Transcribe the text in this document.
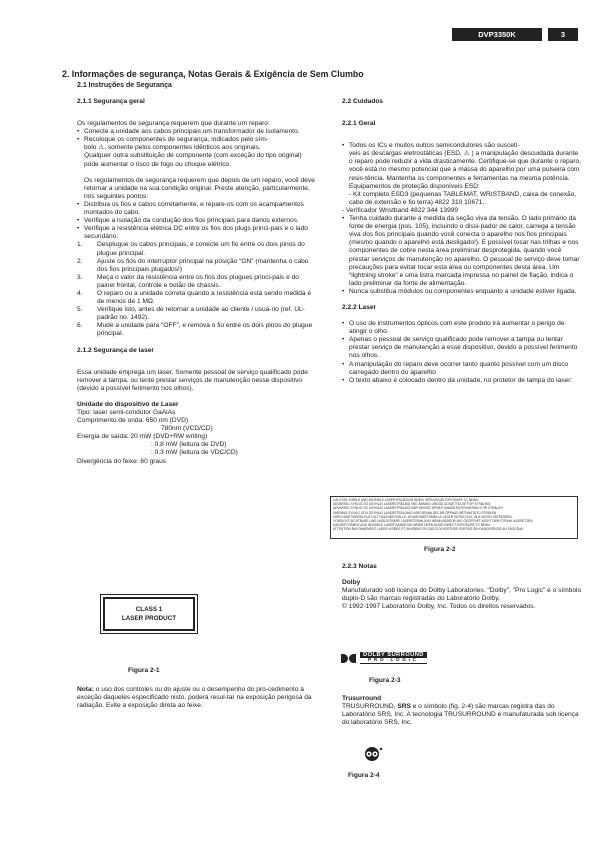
DVP3350K	3
2. Informações de segurança, Notas Gerais & Exigência de Sem Clumbo
2.1 Instruções de Segurança

2.1.1 Segurança geral

Os regulamentos de segurança requerem que durante um reparo:

• Conecte a unidade aos cabos principais um transformador de isolamento.

• Recoloque os componentes de segurança, indicados pelo sím-
bolo ⚠, somente pelos componentes idênticos aos originais.
Qualquer outra substituição de componente (com exceção do tipo original) pode aumentar o risco de fogo ou choque elétrico.

Os regulamentos de segurança requerem que depois de um reparo, você deve retornar a unidade na sua condição original. Preste atenção, particularmente, nos seguintes pontos:

• Distribua os fios e cabos corretamente, e repare-os com os acampamentos montados do cabo.

• Verifique a isolação da condução dos fios principais para danos externos.

• Verifique a resistência elétrica DC entre os fios dos plugs princi-pais e o lado secundário:

1. Desplugue os cabos principais, e conecte um fio entre os dois pinos do plugue principal.

2. Ajuste os fios do interruptor principal na posição “ON” (mantenha o cabo dos fios principais plugados!)

3. Meça o valor da resistência entre os fios dos plugues princi-pais e do painel frontal, controle e botão de chassis.

4. O reparo ou a unidade correta quando a resistência está sendo medida é de menos de 1 MΩ.

5. Verifique isto, antes de retornar a unidade ao cliente / usuá-rio (ref. UL- padrão no. 1492).

6. Mude a unidade para “OFF”, e remova o fio entre os dois pinos do plugue principal.

2.1.2 Segurança de laser

Essa unidade emprega um laser. Somente pessoal de serviço qualificado pode remover a tampa, ou tente prestar serviços de manutenção nesse dispositivo (devido a possível ferimento nos olhos).

Unidade do dispositivo de Laser

Tipo: laser semi-condutor GaAlAs

Comprimento de onda: 650 nm (DVD)

780nm (VCD/CD)

Energia de saída: 20 mW (DVD+RW writing)

: 0.8 mW (leitura de DVD)

: 0.3 mW (leitura de VDC/CD)

Divergência do feixe: 60 graus

CLASS 1
LASER PRODUCT
Figura 2-1

Nota: o uso dos controles ou do ajuste ou o desempenho do pro-cedimento à exceção daqueles especificado nisto, poderá resul-tar na exposição perigosa da radiação. Evite a exposição direta ao feixe.

2.2 Cuidados

2.2.1 Geral

• Todos os ICs e muitos outros semicondutores são suscetí-
veis as descargas eletrostáticas (ESD, ⚠ ) a manipulação descuidada durante o reparo pode reduzir a vida drasticamente. Certifique-se que durante o reparo, você está no mesmo potencial que a massa do aparelho por uma pulseira com resis-tência. Mantenha os componentes e ferramentas na mesma potência.
Equipamentos de proteção disponíveis ESD:

- Kit completo ESD3 (pequenas TABLEMAT, WRISTBAND, caixa de conexão, cabo de extensão e fio terra) 4822 310 10671.

- Verificador Wristband 4822 344 13999

• Tenha cuidado durante a medida da seção viva da tensão. O lado primário da fonte de energia (pos. 105), incluindo o dissi-pador de calor, carrega a tensão viva dos fios principais quando você conecta o aparelho nos fios principais (mesmo quando o aparelho está desligado!). E possível tocar nas trilhas e nos componentes de cobre nesta área preliminar desprotegida, quando você prestar serviços de manutenção no aparelho. O pessoal de serviço deve tomar precauções para evitar tocar esta área ou componentes desta área. Um “lightning stroke” e uma listra marcada impressa no painel de fiação, indica o lado preliminar da fonte de alimentação.

• Nunca substitua módulos ou componentes enquanto a unidade estiver ligada.

2.2.2 Laser

• O uso de instrumentos ópticos com este produto irá aumentar o perigo de atingir o olho.

• Apenas o pessoal de serviço qualificado pode remover a tampa ou tentar prestar serviço de manutenção a esse dispositivo, devido a possível ferimento nos olhos.

• A manipulação do reparo deve ocorrer tanto quanto possível com um disco carregado dentro do aparelho

• O texto abaixo é colocado dentro da unidade, no protetor de tampa do laser:

CAUTION VISIBLE AND INVISIBLE LASER RADIATION WHEN OPEN AVOID EXPOSURE TO BEAM
ADVARSEL SYNLIG OG USYNLIG LASERSTRÅLING VED ÅBNING UNDGÅ UDSÆTTELSE FOR STRÅLING
ADVARSEL SYNLIG OG USYNLIG LASERSTRÅLING NÅR DEKSEL ÅPNES UNNGÅ EKSPONERING FOR STRÅLEN
VARNING SYNLIG OCH OSYNLIG LASERSTRÅLNING NÄR DENNA DEL ÄR ÖPPNAD BETRAKTA EJ STRÅLEN
VARO! AVATTAESSA OLET ALTTIINA NÄKYVÄLLE JA NÄKYMÄTTÖMÄLLE LASER SÄTEILYLLE. ÄLÄ KATSO SÄTEESEEN
VORSICHT SICHTBARE UND UNSICHTBARE LASERSTRAHLUNG WENN ABDECKUNG GEÖFFNET NICHT DEM STRAHL AUSSETZEN
DANGER VISIBLE AND INVISIBLE LASER RADIATION WHEN OPEN AVOID DIRECT EXPOSURE TO BEAM
ATTENTION RAYONNEMENT LASER VISIBLE ET INVISIBLE EN CAS D'OUVERTURE EXPOSITION DANGEREUSE AU FAISCEAU
Figura 2-2

2.2.3 Notas

Dolby

Manufaturado sob licença do Dolby Laboratories. "Dolby", "Pro Logic" e o símbolo duplo-D são marcas registradas do Laboratório Dolby.

© 1992-1997 Laboratório Dolby, Inc. Todos os direitos reservados.

DOLBY SURROUND
PRO·LOGIC
Figura 2-3

Trusurround

TRUSURROUND, SRS e o símbolo (fig. 2-4) são marcas registra das do Laboratório SRS, Inc. A tecnologia TRUSURROUND é manufaturada sob licença do laboratório SRS, Inc.

Figura 2-4
